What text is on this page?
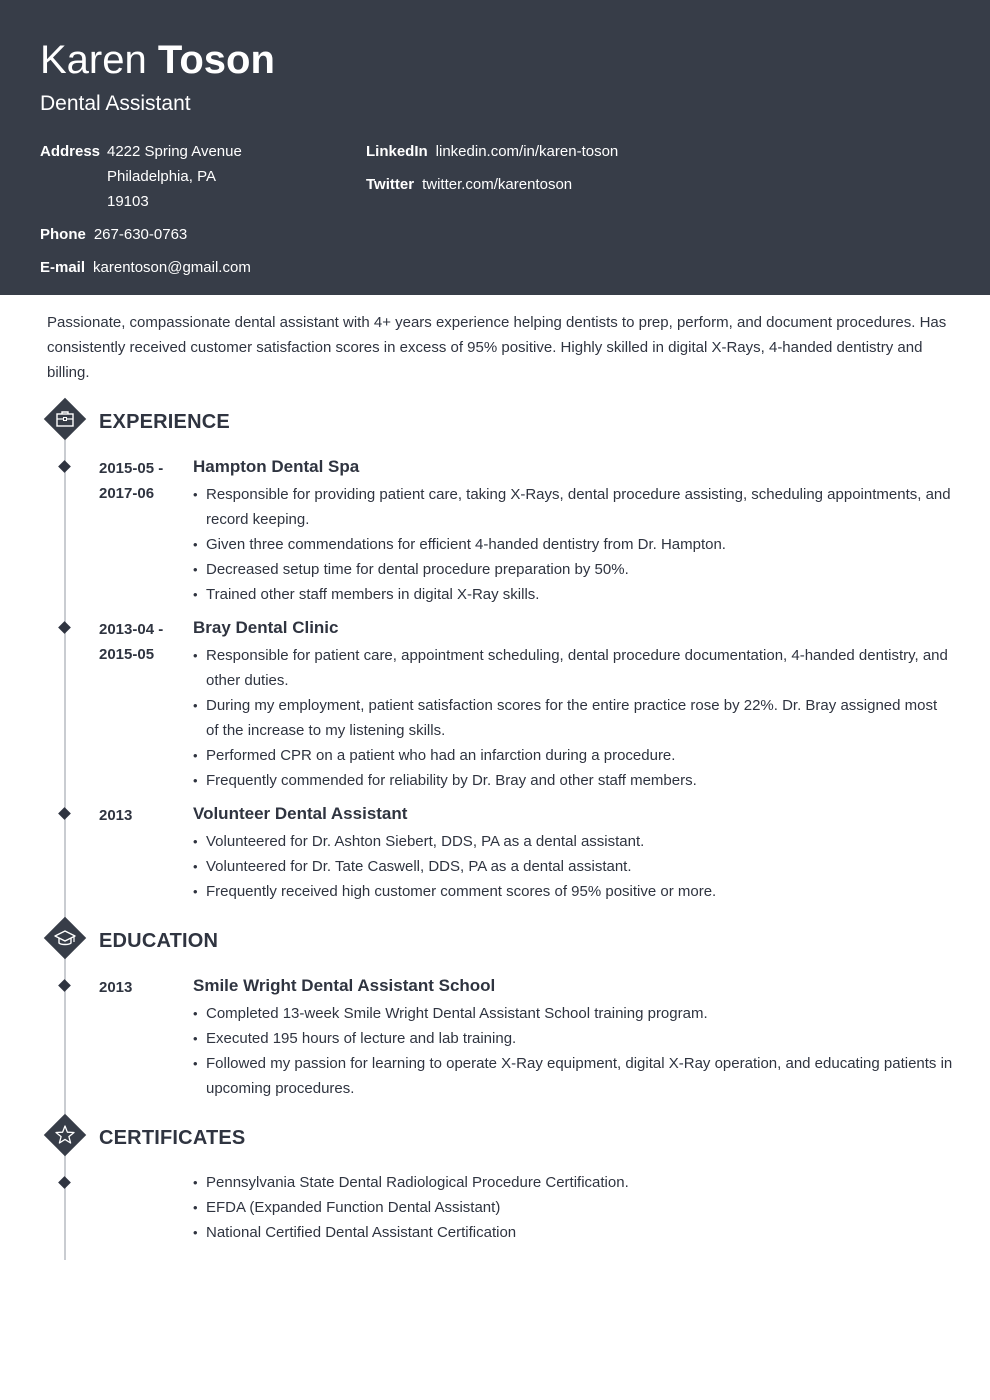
Karen Toson
Dental Assistant
Address 4222 Spring Avenue
Philadelphia, PA
19103
Phone 267-630-0763
E-mail karentoson@gmail.com
LinkedIn linkedin.com/in/karen-toson
Twitter twitter.com/karentoson
Passionate, compassionate dental assistant with 4+ years experience helping dentists to prep, perform, and document procedures. Has consistently received customer satisfaction scores in excess of 95% positive. Highly skilled in digital X-Rays, 4-handed dentistry and billing.
EXPERIENCE
2015-05 -
2017-06
Hampton Dental Spa
• Responsible for providing patient care, taking X-Rays, dental procedure assisting, scheduling appointments, and record keeping.
• Given three commendations for efficient 4-handed dentistry from Dr. Hampton.
• Decreased setup time for dental procedure preparation by 50%.
• Trained other staff members in digital X-Ray skills.
2013-04 -
2015-05
Bray Dental Clinic
• Responsible for patient care, appointment scheduling, dental procedure documentation, 4-handed dentistry, and other duties.
• During my employment, patient satisfaction scores for the entire practice rose by 22%. Dr. Bray assigned most of the increase to my listening skills.
• Performed CPR on a patient who had an infarction during a procedure.
• Frequently commended for reliability by Dr. Bray and other staff members.
2013	Volunteer Dental Assistant
• Volunteered for Dr. Ashton Siebert, DDS, PA as a dental assistant.
• Volunteered for Dr. Tate Caswell, DDS, PA as a dental assistant.
• Frequently received high customer comment scores of 95% positive or more.
EDUCATION
2013	Smile Wright Dental Assistant School
• Completed 13-week Smile Wright Dental Assistant School training program.
• Executed 195 hours of lecture and lab training.
• Followed my passion for learning to operate X-Ray equipment, digital X-Ray operation, and educating patients in upcoming procedures.
CERTIFICATES
• Pennsylvania State Dental Radiological Procedure Certification.
• EFDA (Expanded Function Dental Assistant)
• National Certified Dental Assistant Certification
